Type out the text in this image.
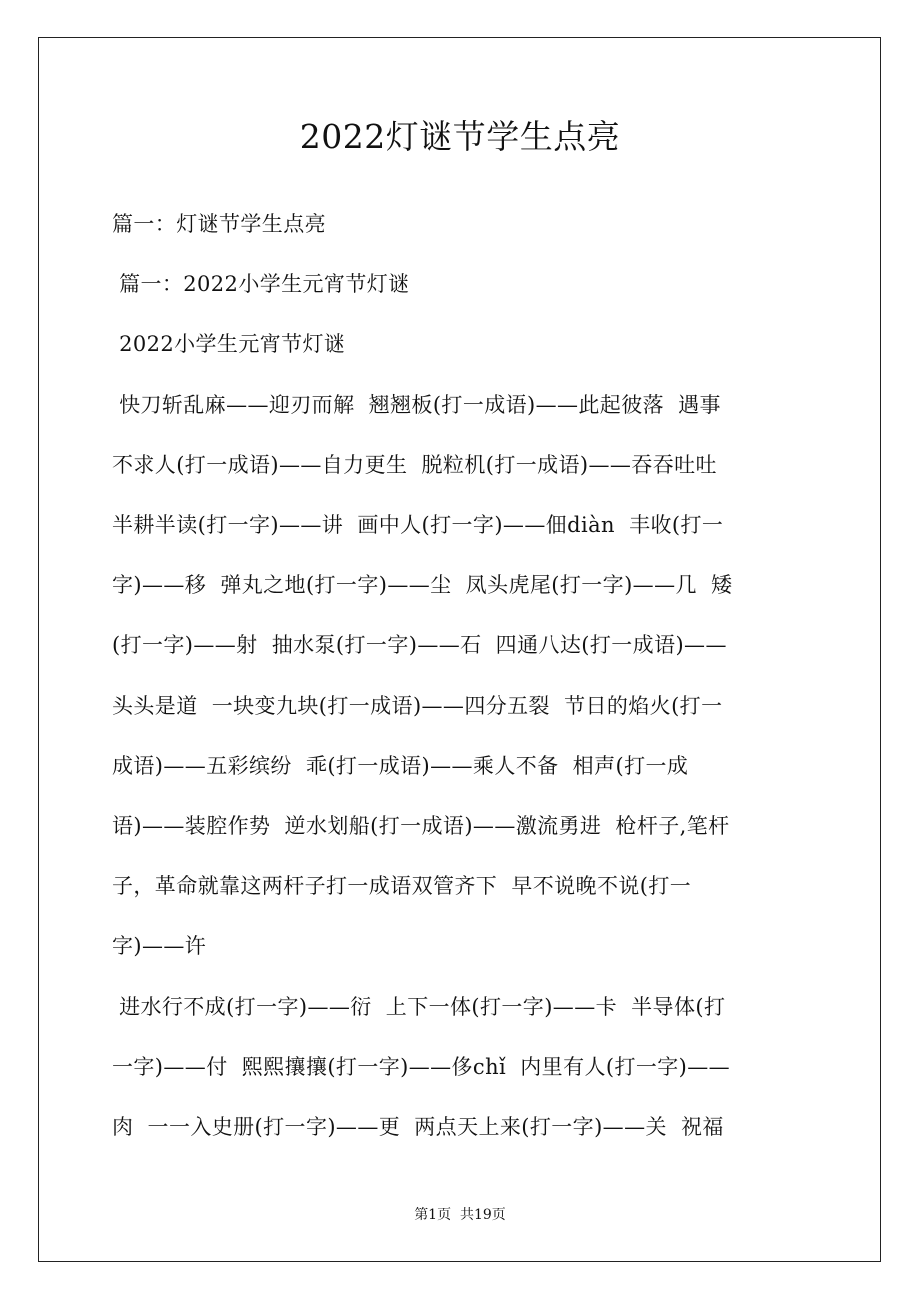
2022灯谜节学生点亮

篇一：灯谜节学生点亮

篇一：2022小学生元宵节灯谜

2022小学生元宵节灯谜

快刀斩乱麻——迎刃而解  翘翘板(打一成语)——此起彼落  遇事

不求人(打一成语)——自力更生  脱粒机(打一成语)——吞吞吐吐

半耕半读(打一字)——讲  画中人(打一字)——佃diàn  丰收(打一

字)——移  弹丸之地(打一字)——尘  凤头虎尾(打一字)——几  矮

(打一字)——射  抽水泵(打一字)——石  四通八达(打一成语)——

头头是道  一块变九块(打一成语)——四分五裂  节日的焰火(打一

成语)——五彩缤纷  乖(打一成语)——乘人不备  相声(打一成

语)——装腔作势  逆水划船(打一成语)——激流勇进  枪杆子,笔杆

子，革命就靠这两杆子打一成语双管齐下  早不说晚不说(打一

字)——许

进水行不成(打一字)——衍  上下一体(打一字)——卡  半导体(打

一字)——付  熙熙攘攘(打一字)——侈chǐ  内里有人(打一字)——

肉  一一入史册(打一字)——更  两点天上来(打一字)——关  祝福

第1页  共19页
